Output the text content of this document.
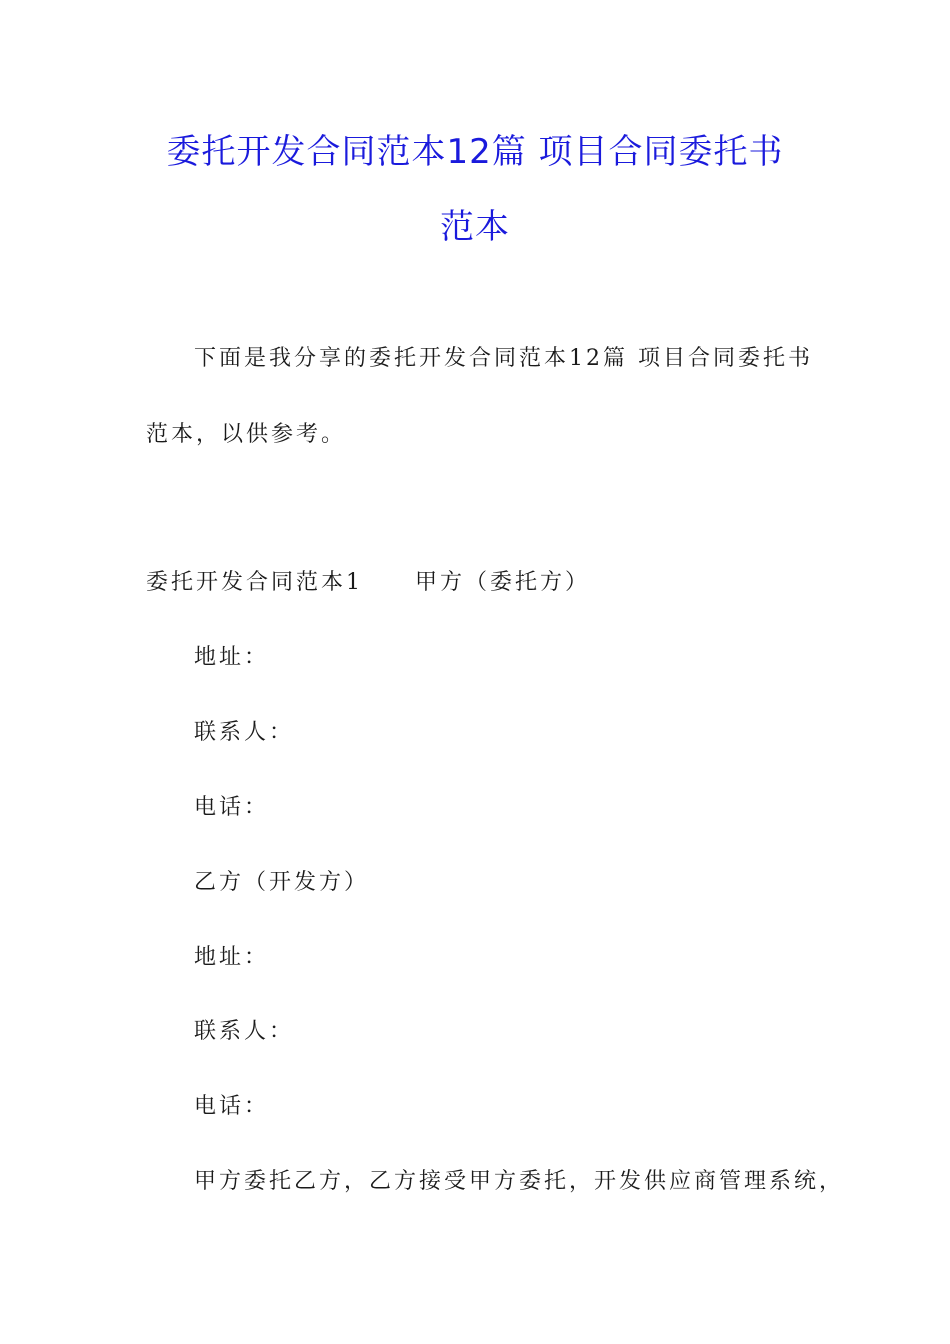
委托开发合同范本12篇 项目合同委托书
范本
下面是我分享的委托开发合同范本12篇 项目合同委托书
范本，以供参考。
委托开发合同范本1 甲方（委托方）
地址：
联系人：
电话：
乙方（开发方）
地址：
联系人：
电话：
甲方委托乙方，乙方接受甲方委托，开发供应商管理系统，
